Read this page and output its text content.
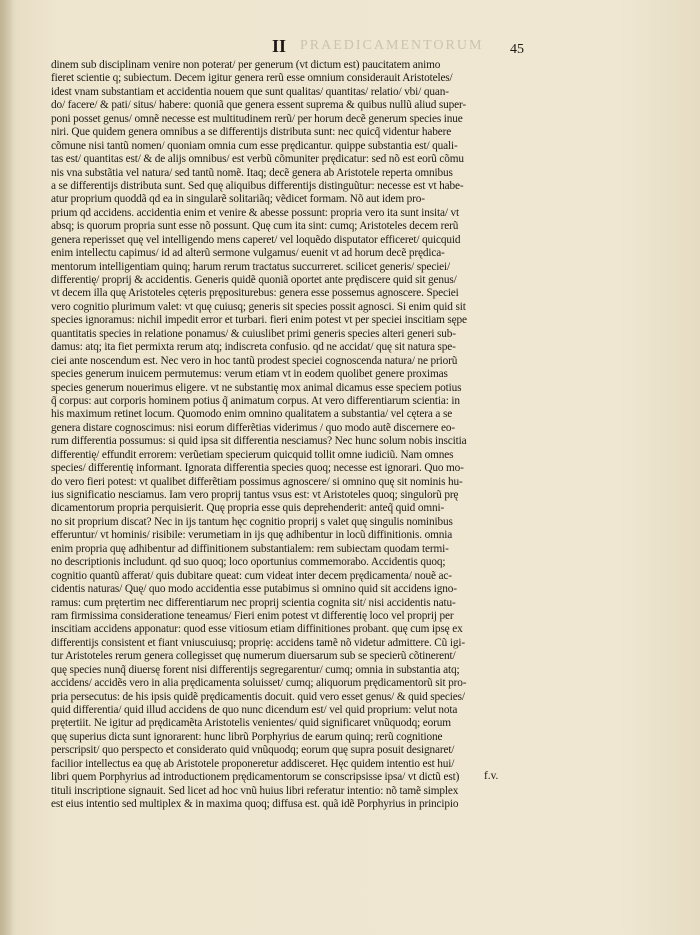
PRAEDICAMENTORUM
II	45
dinem sub disciplinam venire non poterat/ per generum (vt dictum est) paucitatem animo
fieret scientie q; subiectum. Decem igitur genera rerũ esse omnium considerauit Aristoteles/
idest vnam substantiam et accidentia nouem que sunt qualitas/ quantitas/ relatio/ vbi/ quan-
do/ facere/ & pati/ situs/ habere: quoniã que genera essent suprema & quibus nullũ aliud super-
poni posset genus/ omnẽ necesse est multitudinem rerũ/ per horum decẽ generum species inue
niri. Que quidem genera omnibus a se differentijs distributa sunt: nec quicq̃ videntur habere
cõmune nisi tantũ nomen/ quoniam omnia cum esse prędicantur. quippe substantia est/ quali-
tas est/ quantitas est/ & de alijs omnibus/ est verbũ cõmuniter prędicatur: sed nõ est eorũ cõmu
nis vna substãtia vel natura/ sed tantũ nomẽ. Itaq; decẽ genera ab Aristotele reperta omnibus
a se differentijs distributa sunt. Sed quę aliquibus differentijs distinguũtur: necesse est vt habe-
atur proprium quoddã qd ea in singularẽ solitariãq; vẽdicet formam. Nõ aut idem pro-
prium qd accidens. accidentia enim et venire & abesse possunt: propria vero ita sunt insita/ vt
absq; is quorum propria sunt esse nõ possunt. Quę cum ita sint: cumq; Aristoteles decem rerũ
genera reperisset quę vel intelligendo mens caperet/ vel loquẽdo disputator efficeret/ quicquid
enim intellectu capimus/ id ad alterũ sermone vulgamus/ euenit vt ad horum decẽ prędica-
mentorum intelligentiam quinq; harum rerum tractatus succurreret. scilicet generis/ speciei/
differentię/ proprij & accidentis. Generis quidẽ quoniã oportet ante prędiscere quid sit genus/
vt decem illa quę Aristoteles cęteris prępositurebus: genera esse possemus agnoscere. Speciei
vero cognitio plurimum valet: vt quę cuiusq; generis sit species possit agnosci. Si enim quid sit
species ignoramus: nichil impedit error et turbari. fieri enim potest vt per speciei inscitiam sępe
quantitatis species in relatione ponamus/ & cuiuslibet primi generis species alteri generi sub-
damus: atq; ita fiet permixta rerum atq; indiscreta confusio. qd ne accidat/ quę sit natura spe-
ciei ante noscendum est. Nec vero in hoc tantũ prodest speciei cognoscenda natura/ ne priorũ
species generum inuicem permutemus: verum etiam vt in eodem quolibet genere proximas
species generum nouerimus eligere. vt ne substantię mox animal dicamus esse speciem potius
q̃ corpus: aut corporis hominem potius q̃ animatum corpus. At vero differentiarum scientia: in
his maximum retinet locum. Quomodo enim omnino qualitatem a substantia/ vel cętera a se
genera distare cognoscimus: nisi eorum differẽtias viderimus / quo modo autẽ discernere eo-
rum differentia possumus: si quid ipsa sit differentia nesciamus? Nec hunc solum nobis inscitia
differentię/ effundit errorem: verũetiam specierum quicquid tollit omne iudiciũ. Nam omnes
species/ differentię informant. Ignorata differentia species quoq; necesse est ignorari. Quo mo-
do vero fieri potest: vt qualibet differẽtiam possimus agnoscere/ si omnino quę sit nominis hu-
ius significatio nesciamus. Iam vero proprij tantus vsus est: vt Aristoteles quoq; singulorũ prę
dicamentorum propria perquisierit. Quę propria esse quis deprehenderit: anteq̃ quid omni-
no sit proprium discat? Nec in ijs tantum hęc cognitio proprij s valet quę singulis nominibus
efferuntur/ vt hominis/ risibile: verumetiam in ijs quę adhibentur in locũ diffinitionis. omnia
enim propria quę adhibentur ad diffinitionem substantialem: rem subiectam quodam termi-
no descriptionis includunt. qd suo quoq; loco oportunius commemorabo. Accidentis quoq;
cognitio quantũ afferat/ quis dubitare queat: cum videat inter decem prędicamenta/ nouẽ ac-
cidentis naturas/ Quę/ quo modo accidentia esse putabimus si omnino quid sit accidens igno-
ramus: cum prętertim nec differentiarum nec proprij scientia cognita sit/ nisi accidentis natu-
ram firmissima consideratione teneamus/ Fieri enim potest vt differentię loco vel proprij per
inscitiam accidens apponatur: quod esse vitiosum etiam diffinitiones probant. quę cum ipsę ex
differentijs consistent et fiant vniuscuiusq; proprię: accidens tamẽ nõ videtur admittere. Cũ igi-
tur Aristoteles rerum genera collegisset quę numerum diuersarum sub se specierũ cõtinerent/
quę species nunq̃ diuersę forent nisi differentijs segregarentur/ cumq; omnia in substantia atq;
accidens/ accidẽs vero in alia prędicamenta soluisset/ cumq; aliquorum prędicamentorũ sit pro-
pria persecutus: de his ipsis quidẽ prędicamentis docuit. quid vero esset genus/ & quid species/
quid differentia/ quid illud accidens de quo nunc dicendum est/ vel quid proprium: velut nota
prętertiit. Ne igitur ad prędicamẽta Aristotelis venientes/ quid significaret vnũquodq; eorum
quę superius dicta sunt ignorarent: hunc librũ Porphyrius de earum quinq; rerũ cognitione
perscripsit/ quo perspecto et considerato quid vnũquodq; eorum quę supra posuit designaret/
facilior intellectus ea quę ab Aristotele proponeretur addisceret. Hęc quidem intentio est hui/
libri quem Porphyrius ad introductionem prędicamentorum se conscripsisse ipsa/ vt dictũ est)
tituli inscriptione signauit. Sed licet ad hoc vnũ huius libri referatur intentio: nõ tamẽ simplex
est eius intentio sed multiplex & in maxima quoq; diffusa est. quã idẽ Porphyrius in principio
f.v.
